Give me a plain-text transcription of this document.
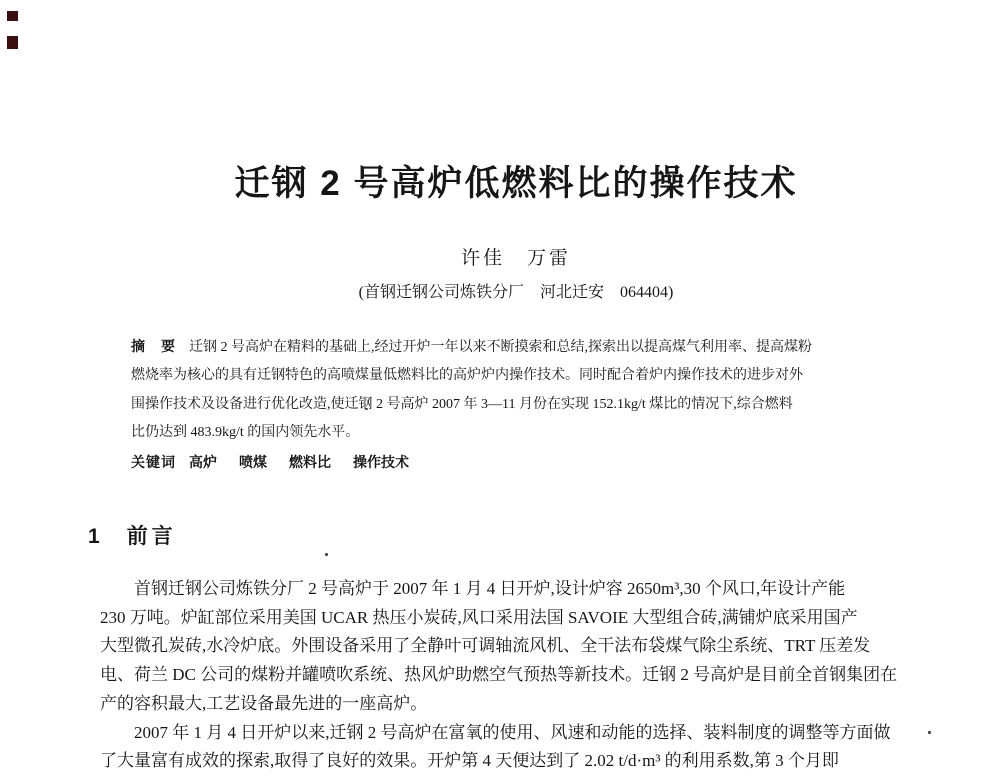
迁钢 2 号高炉低燃料比的操作技术
许佳　万雷
(首钢迁钢公司炼铁分厂　河北迁安　064404)
摘　要 迁钢 2 号高炉在精料的基础上,经过开炉一年以来不断摸索和总结,探索出以提高煤气利用率、提高煤粉
燃烧率为核心的具有迁钢特色的高喷煤量低燃料比的高炉炉内操作技术。同时配合着炉内操作技术的进步对外
围操作技术及设备进行优化改造,使迁钢 2 号高炉 2007 年 3—11 月份在实现 152.1kg/t 煤比的情况下,综合燃料
比仍达到 483.9kg/t 的国内领先水平。
关键词 高炉 喷煤 燃料比 操作技术
1 前言
首钢迁钢公司炼铁分厂 2 号高炉于 2007 年 1 月 4 日开炉,设计炉容 2650m³,30 个风口,年设计产能
230 万吨。炉缸部位采用美国 UCAR 热压小炭砖,风口采用法国 SAVOIE 大型组合砖,满铺炉底采用国产
大型微孔炭砖,水冷炉底。外围设备采用了全静叶可调轴流风机、全干法布袋煤气除尘系统、TRT 压差发
电、荷兰 DC 公司的煤粉并罐喷吹系统、热风炉助燃空气预热等新技术。迁钢 2 号高炉是目前全首钢集团在
产的容积最大,工艺设备最先进的一座高炉。
2007 年 1 月 4 日开炉以来,迁钢 2 号高炉在富氧的使用、风速和动能的选择、装料制度的调整等方面做
了大量富有成效的探索,取得了良好的效果。开炉第 4 天便达到了 2.02 t/d·m³ 的利用系数,第 3 个月即
